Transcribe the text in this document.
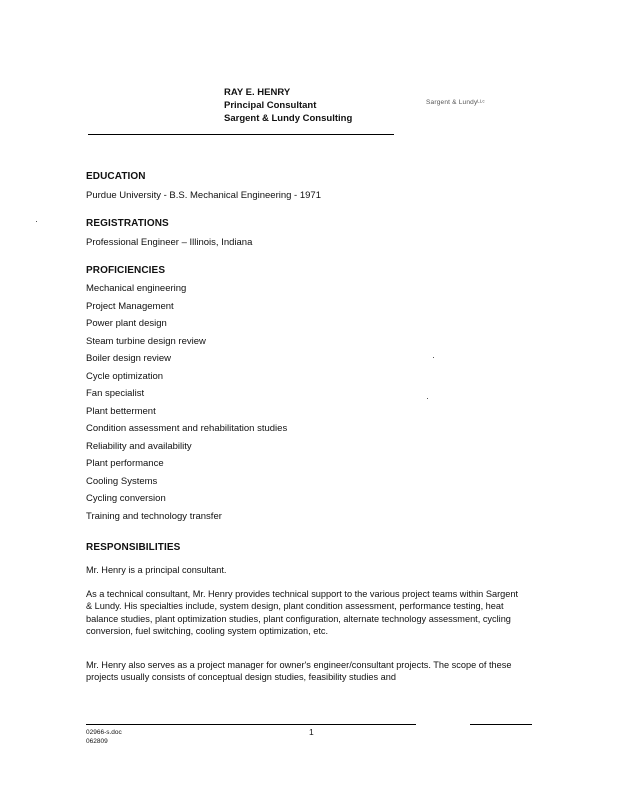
RAY E. HENRY
Principal Consultant
Sargent & Lundy Consulting
Sargent & Lundyᴸᴸᶜ
EDUCATION
Purdue University - B.S. Mechanical Engineering - 1971
REGISTRATIONS
Professional Engineer – Illinois, Indiana
PROFICIENCIES
Mechanical engineering
Project Management
Power plant design
Steam turbine design review
Boiler design review
Cycle optimization
Fan specialist
Plant betterment
Condition assessment and rehabilitation studies
Reliability and availability
Plant performance
Cooling Systems
Cycling conversion
Training and technology transfer
RESPONSIBILITIES
Mr. Henry is a principal consultant.
As a technical consultant, Mr. Henry provides technical support to the various project teams within Sargent & Lundy. His specialties include, system design, plant condition assessment, performance testing, heat balance studies, plant optimization studies, plant configuration, alternate technology assessment, cycling conversion, fuel switching, cooling system optimization, etc.
Mr. Henry also serves as a project manager for owner's engineer/consultant projects. The scope of these projects usually consists of conceptual design studies, feasibility studies and
02966-s.doc
062809
1
